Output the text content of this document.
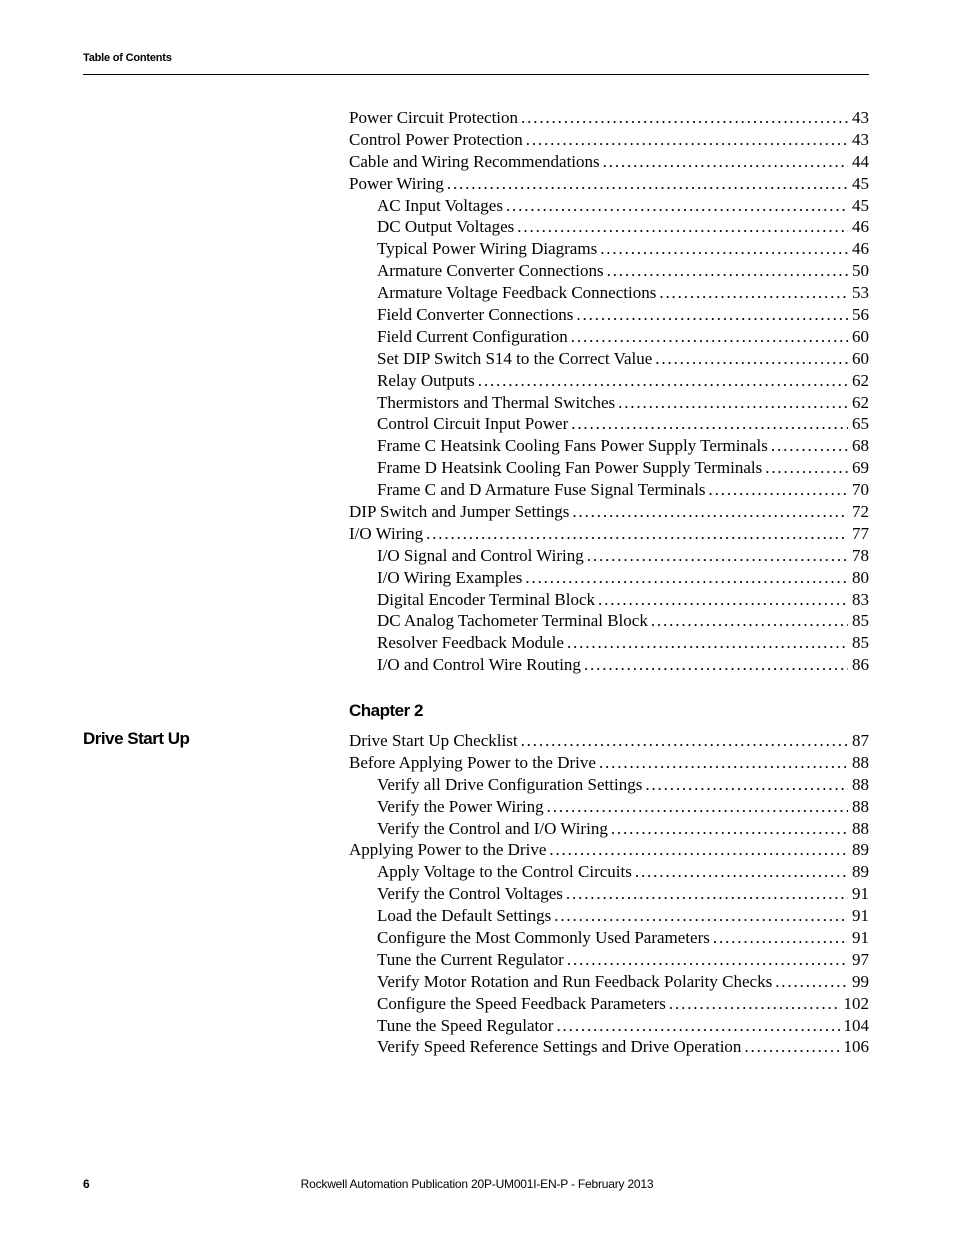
Table of Contents
Power Circuit Protection . . .	43
Control Power Protection . . .	43
Cable and Wiring Recommendations . . .	44
Power Wiring . . .	45
AC Input Voltages . . .	45
DC Output Voltages . . .	46
Typical Power Wiring Diagrams . . .	46
Armature Converter Connections . . .	50
Armature Voltage Feedback Connections . . .	53
Field Converter Connections . . .	56
Field Current Configuration . . .	60
Set DIP Switch S14 to the Correct Value . . .	60
Relay Outputs . . .	62
Thermistors and Thermal Switches . . .	62
Control Circuit Input Power . . .	65
Frame C Heatsink Cooling Fans Power Supply Terminals . . .	68
Frame D Heatsink Cooling Fan Power Supply Terminals . . .	69
Frame C and D Armature Fuse Signal Terminals . . .	70
DIP Switch and Jumper Settings . . .	72
I/O Wiring . . .	77
I/O Signal and Control Wiring . . .	78
I/O Wiring Examples . . .	80
Digital Encoder Terminal Block . . .	83
DC Analog Tachometer Terminal Block . . .	85
Resolver Feedback Module . . .	85
I/O and Control Wire Routing . . .	86
Chapter 2
Drive Start Up	Drive Start Up Checklist . . .	87
Before Applying Power to the Drive . . .	88
Verify all Drive Configuration Settings . . .	88
Verify the Power Wiring . . .	88
Verify the Control and I/O Wiring . . .	88
Applying Power to the Drive . . .	89
Apply Voltage to the Control Circuits . . .	89
Verify the Control Voltages . . .	91
Load the Default Settings . . .	91
Configure the Most Commonly Used Parameters . . .	91
Tune the Current Regulator . . .	97
Verify Motor Rotation and Run Feedback Polarity Checks . . .	99
Configure the Speed Feedback Parameters . . .	102
Tune the Speed Regulator . . .	104
Verify Speed Reference Settings and Drive Operation . . .	106
6	Rockwell Automation Publication 20P-UM001I-EN-P - February 2013
